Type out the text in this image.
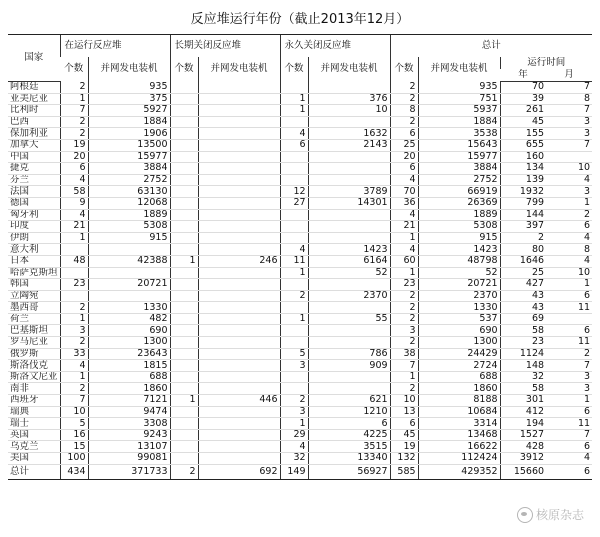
反应堆运行年份（截止2013年12月）
国家	在运行反应堆		长期关闭反应堆		永久关闭反应堆		总计			
	个数	并网发电装机	个数	并网发电装机	个数	并网发电装机	个数	并网发电装机	运行时间	
									年	月
阿根廷	2	935					2	935	70	7
亚美尼亚	1	375			1	376	2	751	39	8
比利时	7	5927			1	10	8	5937	261	7
巴西	2	1884					2	1884	45	3
保加利亚	2	1906			4	1632	6	3538	155	3
加拿大	19	13500			6	2143	25	15643	655	7
中国	20	15977					20	15977	160	
捷克	6	3884					6	3884	134	10
芬兰	4	2752					4	2752	139	4
法国	58	63130			12	3789	70	66919	1932	3
德国	9	12068			27	14301	36	26369	799	1
匈牙利	4	1889					4	1889	144	2
印度	21	5308					21	5308	397	6
伊朗	1	915					1	915	2	4
意大利					4	1423	4	1423	80	8
日本	48	42388	1	246	11	6164	60	48798	1646	4
哈萨克斯坦					1	52	1	52	25	10
韩国	23	20721					23	20721	427	1
立陶宛					2	2370	2	2370	43	6
墨西哥	2	1330					2	1330	43	11
荷兰	1	482			1	55	2	537	69	
巴基斯坦	3	690					3	690	58	6
罗马尼亚	2	1300					2	1300	23	11
俄罗斯	33	23643			5	786	38	24429	1124	2
斯洛伐克	4	1815			3	909	7	2724	148	7
斯洛文尼亚	1	688					1	688	32	3
南非	2	1860					2	1860	58	3
西班牙	7	7121	1	446	2	621	10	8188	301	1
瑞典	10	9474			3	1210	13	10684	412	6
瑞士	5	3308			1	6	6	3314	194	11
英国	16	9243			29	4225	45	13468	1527	7
乌克兰	15	13107			4	3515	19	16622	428	6
美国	100	99081			32	13340	132	112424	3912	4
总计	434	371733	2	692	149	56927	585	429352	15660	6
核原杂志
